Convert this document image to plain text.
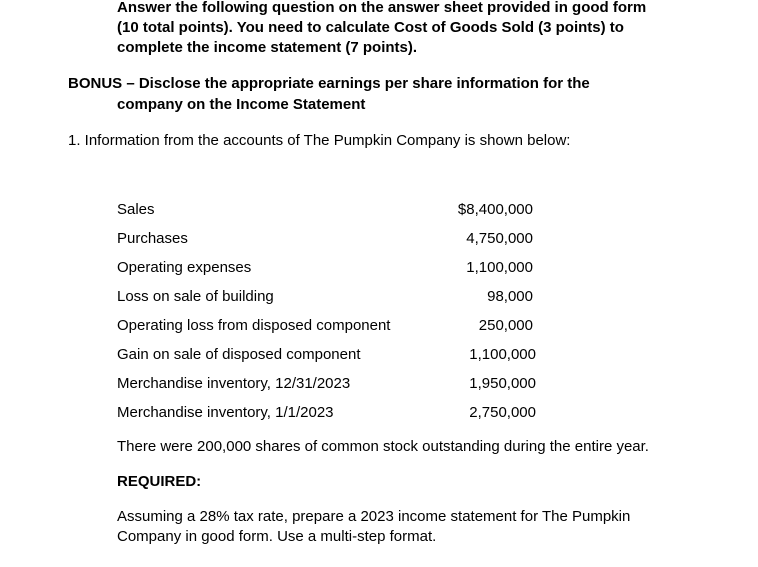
Answer the following question on the answer sheet provided in good form
(10 total points). You need to calculate Cost of Goods Sold (3 points) to
complete the income statement (7 points).
BONUS – Disclose the appropriate earnings per share information for the
company on the Income Statement
1. Information from the accounts of The Pumpkin Company is shown below:
Sales	$8,400,000
Purchases	4,750,000
Operating expenses	1,100,000
Loss on sale of building	98,000
Operating loss from disposed component	250,000
Gain on sale of disposed component	1,100,000
Merchandise inventory, 12/31/2023	1,950,000
Merchandise inventory, 1/1/2023	2,750,000
There were 200,000 shares of common stock outstanding during the entire year.
REQUIRED:
Assuming a 28% tax rate, prepare a 2023 income statement for The Pumpkin
Company in good form. Use a multi-step format.
